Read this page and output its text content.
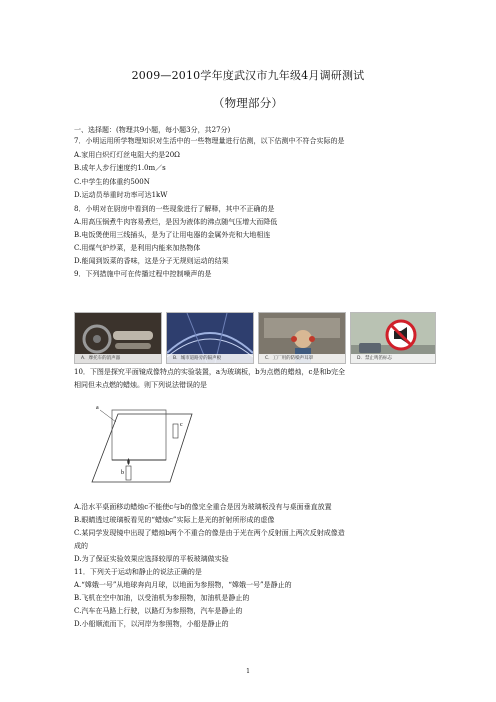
2009—2010学年度武汉市九年级4月调研测试
（物理部分）
一、选择题：(物理共9小题，每小题3分，共27分)
7．小明运用所学物理知识对生活中的一些物理量进行估测，以下估测中不符合实际的是
A.家用白炽灯灯丝电阻大约是20Ω
B.成年人步行速度约1.0m／s
C.中学生的体重约500N
D.运动员举重时功率可达1kW
8．小明对在厨房中看到的一些现象进行了解释，其中不正确的是
A.用高压锅煮牛肉容易煮烂，是因为液体的沸点随气压增大而降低
B.电饭煲使用三线插头，是为了让用电器的金属外壳和大地相连
C.用煤气炉炒菜，是利用内能来加热物体
D.能闻到饭菜的香味，这是分子无规则运动的结果
9．下列措施中可在传播过程中控制噪声的是
A．摩托车的消声器	B．城市道路旁的隔声板	C．工厂用的防噪声耳罩	D．禁止鸣笛标志
10．下图是探究平面镜成像特点的实验装置，a为玻璃板，b为点燃的蜡烛，c是和b完全
相同但未点燃的蜡烛。则下列说法错误的是
a
c
b
A.沿水平桌面移动蜡烛c不能使c与b的像完全重合是因为玻璃板没有与桌面垂直放置
B.眼睛透过玻璃板看见的“蜡烛c”实际上是光的折射所形成的虚像
C.某同学发现镜中出现了蜡烛b两个不重合的像是由于光在两个反射面上两次反射成像造
成的
D.为了保证实验效果应选择较厚的平板玻璃做实验
11．下列关于运动和静止的说法正确的是
A.“嫦娥一号”从地球奔向月球，以地面为参照物，“嫦娥一号”是静止的
B.飞机在空中加油，以受油机为参照物，加油机是静止的
C.汽车在马路上行驶，以路灯为参照物，汽车是静止的
D.小船顺流而下，以河岸为参照物，小船是静止的
1
